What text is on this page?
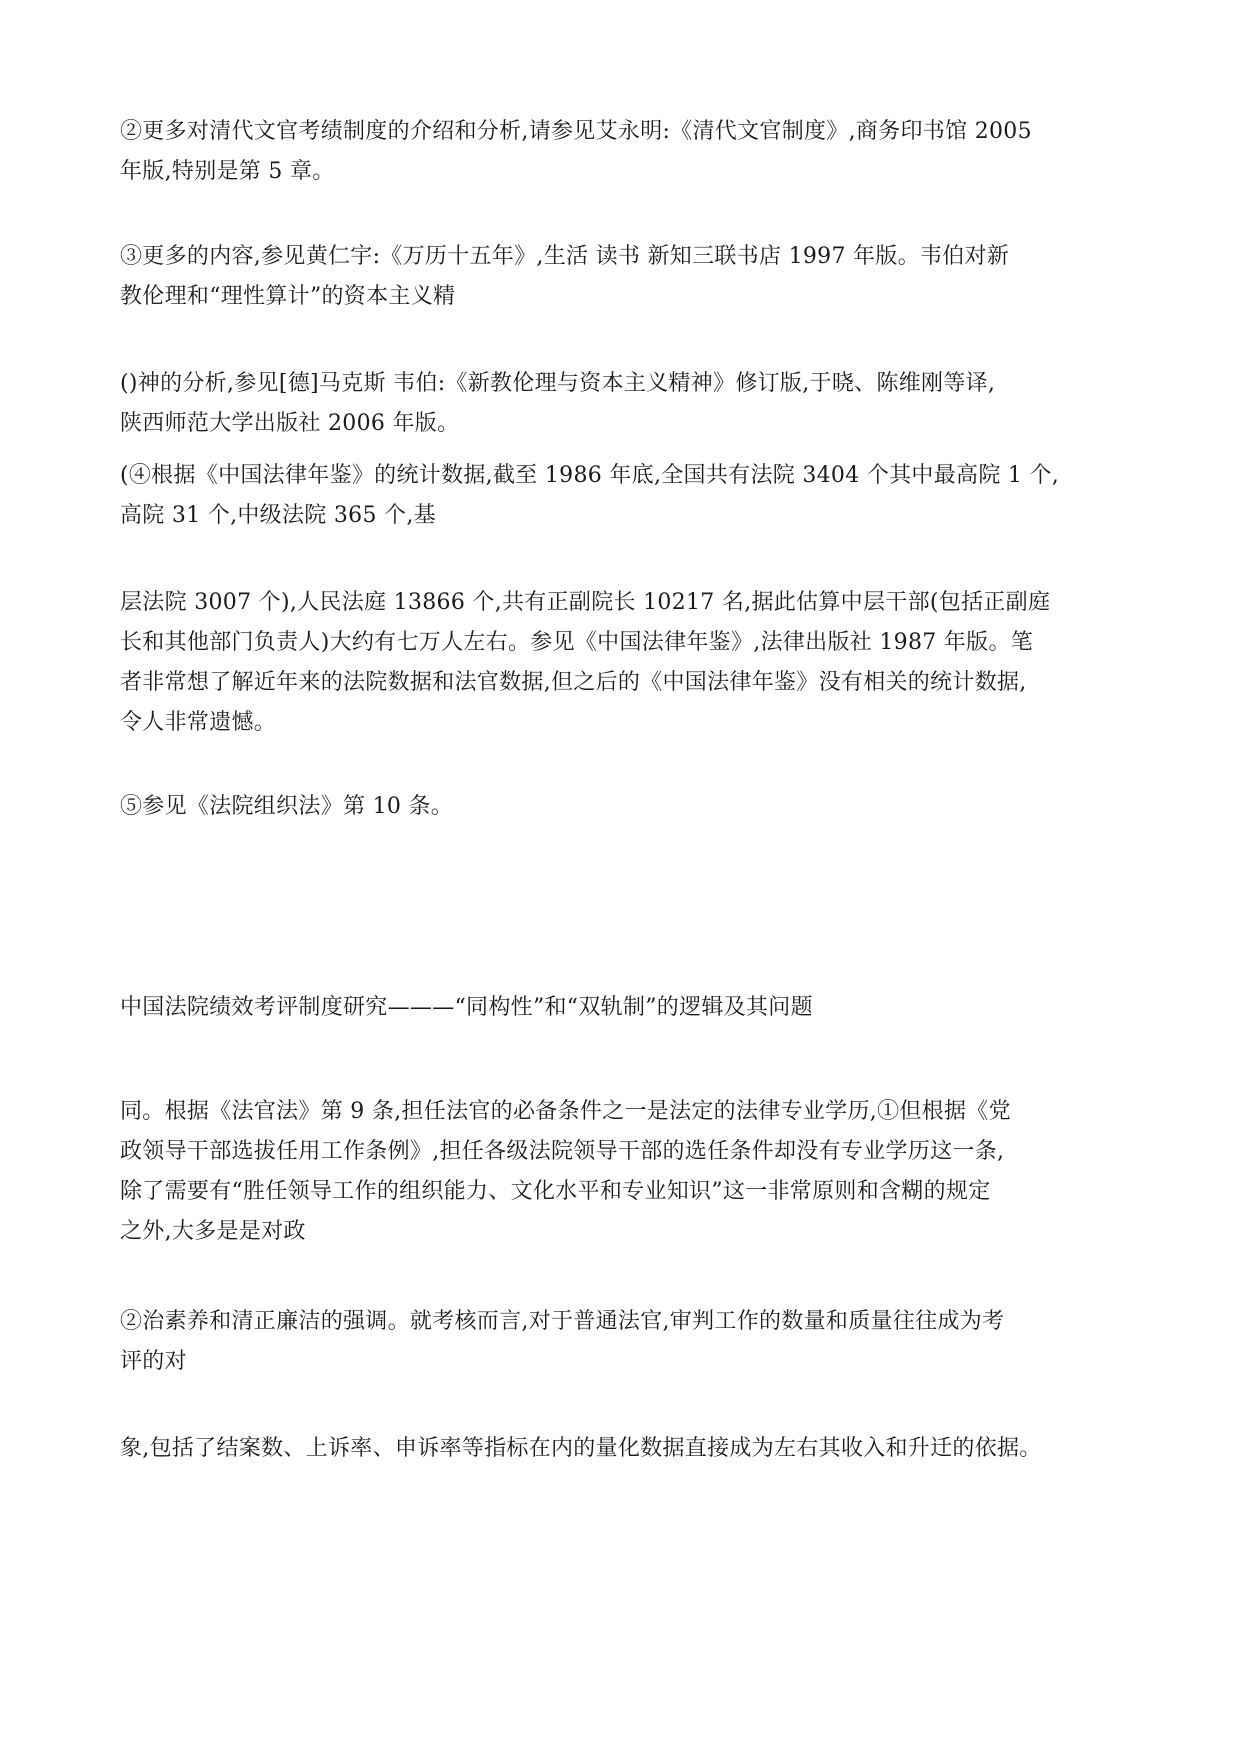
②更多对清代文官考绩制度的介绍和分析,请参见艾永明:《清代文官制度》,商务印书馆 2005
年版,特别是第 5 章。
③更多的内容,参见黄仁宇:《万历十五年》,生活 读书 新知三联书店 1997 年版。韦伯对新
教伦理和“理性算计”的资本主义精
()神的分析,参见[德]马克斯 韦伯:《新教伦理与资本主义精神》修订版,于晓、陈维刚等译,
陕西师范大学出版社 2006 年版。
(④根据《中国法律年鉴》的统计数据,截至 1986 年底,全国共有法院 3404 个其中最高院 1 个,
高院 31 个,中级法院 365 个,基
层法院 3007 个),人民法庭 13866 个,共有正副院长 10217 名,据此估算中层干部(包括正副庭
长和其他部门负责人)大约有七万人左右。参见《中国法律年鉴》,法律出版社 1987 年版。笔
者非常想了解近年来的法院数据和法官数据,但之后的《中国法律年鉴》没有相关的统计数据,
令人非常遗憾。
⑤参见《法院组织法》第 10 条。
中国法院绩效考评制度研究———“同构性”和“双轨制”的逻辑及其问题
同。根据《法官法》第 9 条,担任法官的必备条件之一是法定的法律专业学历,①但根据《党
政领导干部选拔任用工作条例》,担任各级法院领导干部的选任条件却没有专业学历这一条,
除了需要有“胜任领导工作的组织能力、文化水平和专业知识”这一非常原则和含糊的规定
之外,大多是是对政
②治素养和清正廉洁的强调。就考核而言,对于普通法官,审判工作的数量和质量往往成为考
评的对
象,包括了结案数、上诉率、申诉率等指标在内的量化数据直接成为左右其收入和升迁的依据。
